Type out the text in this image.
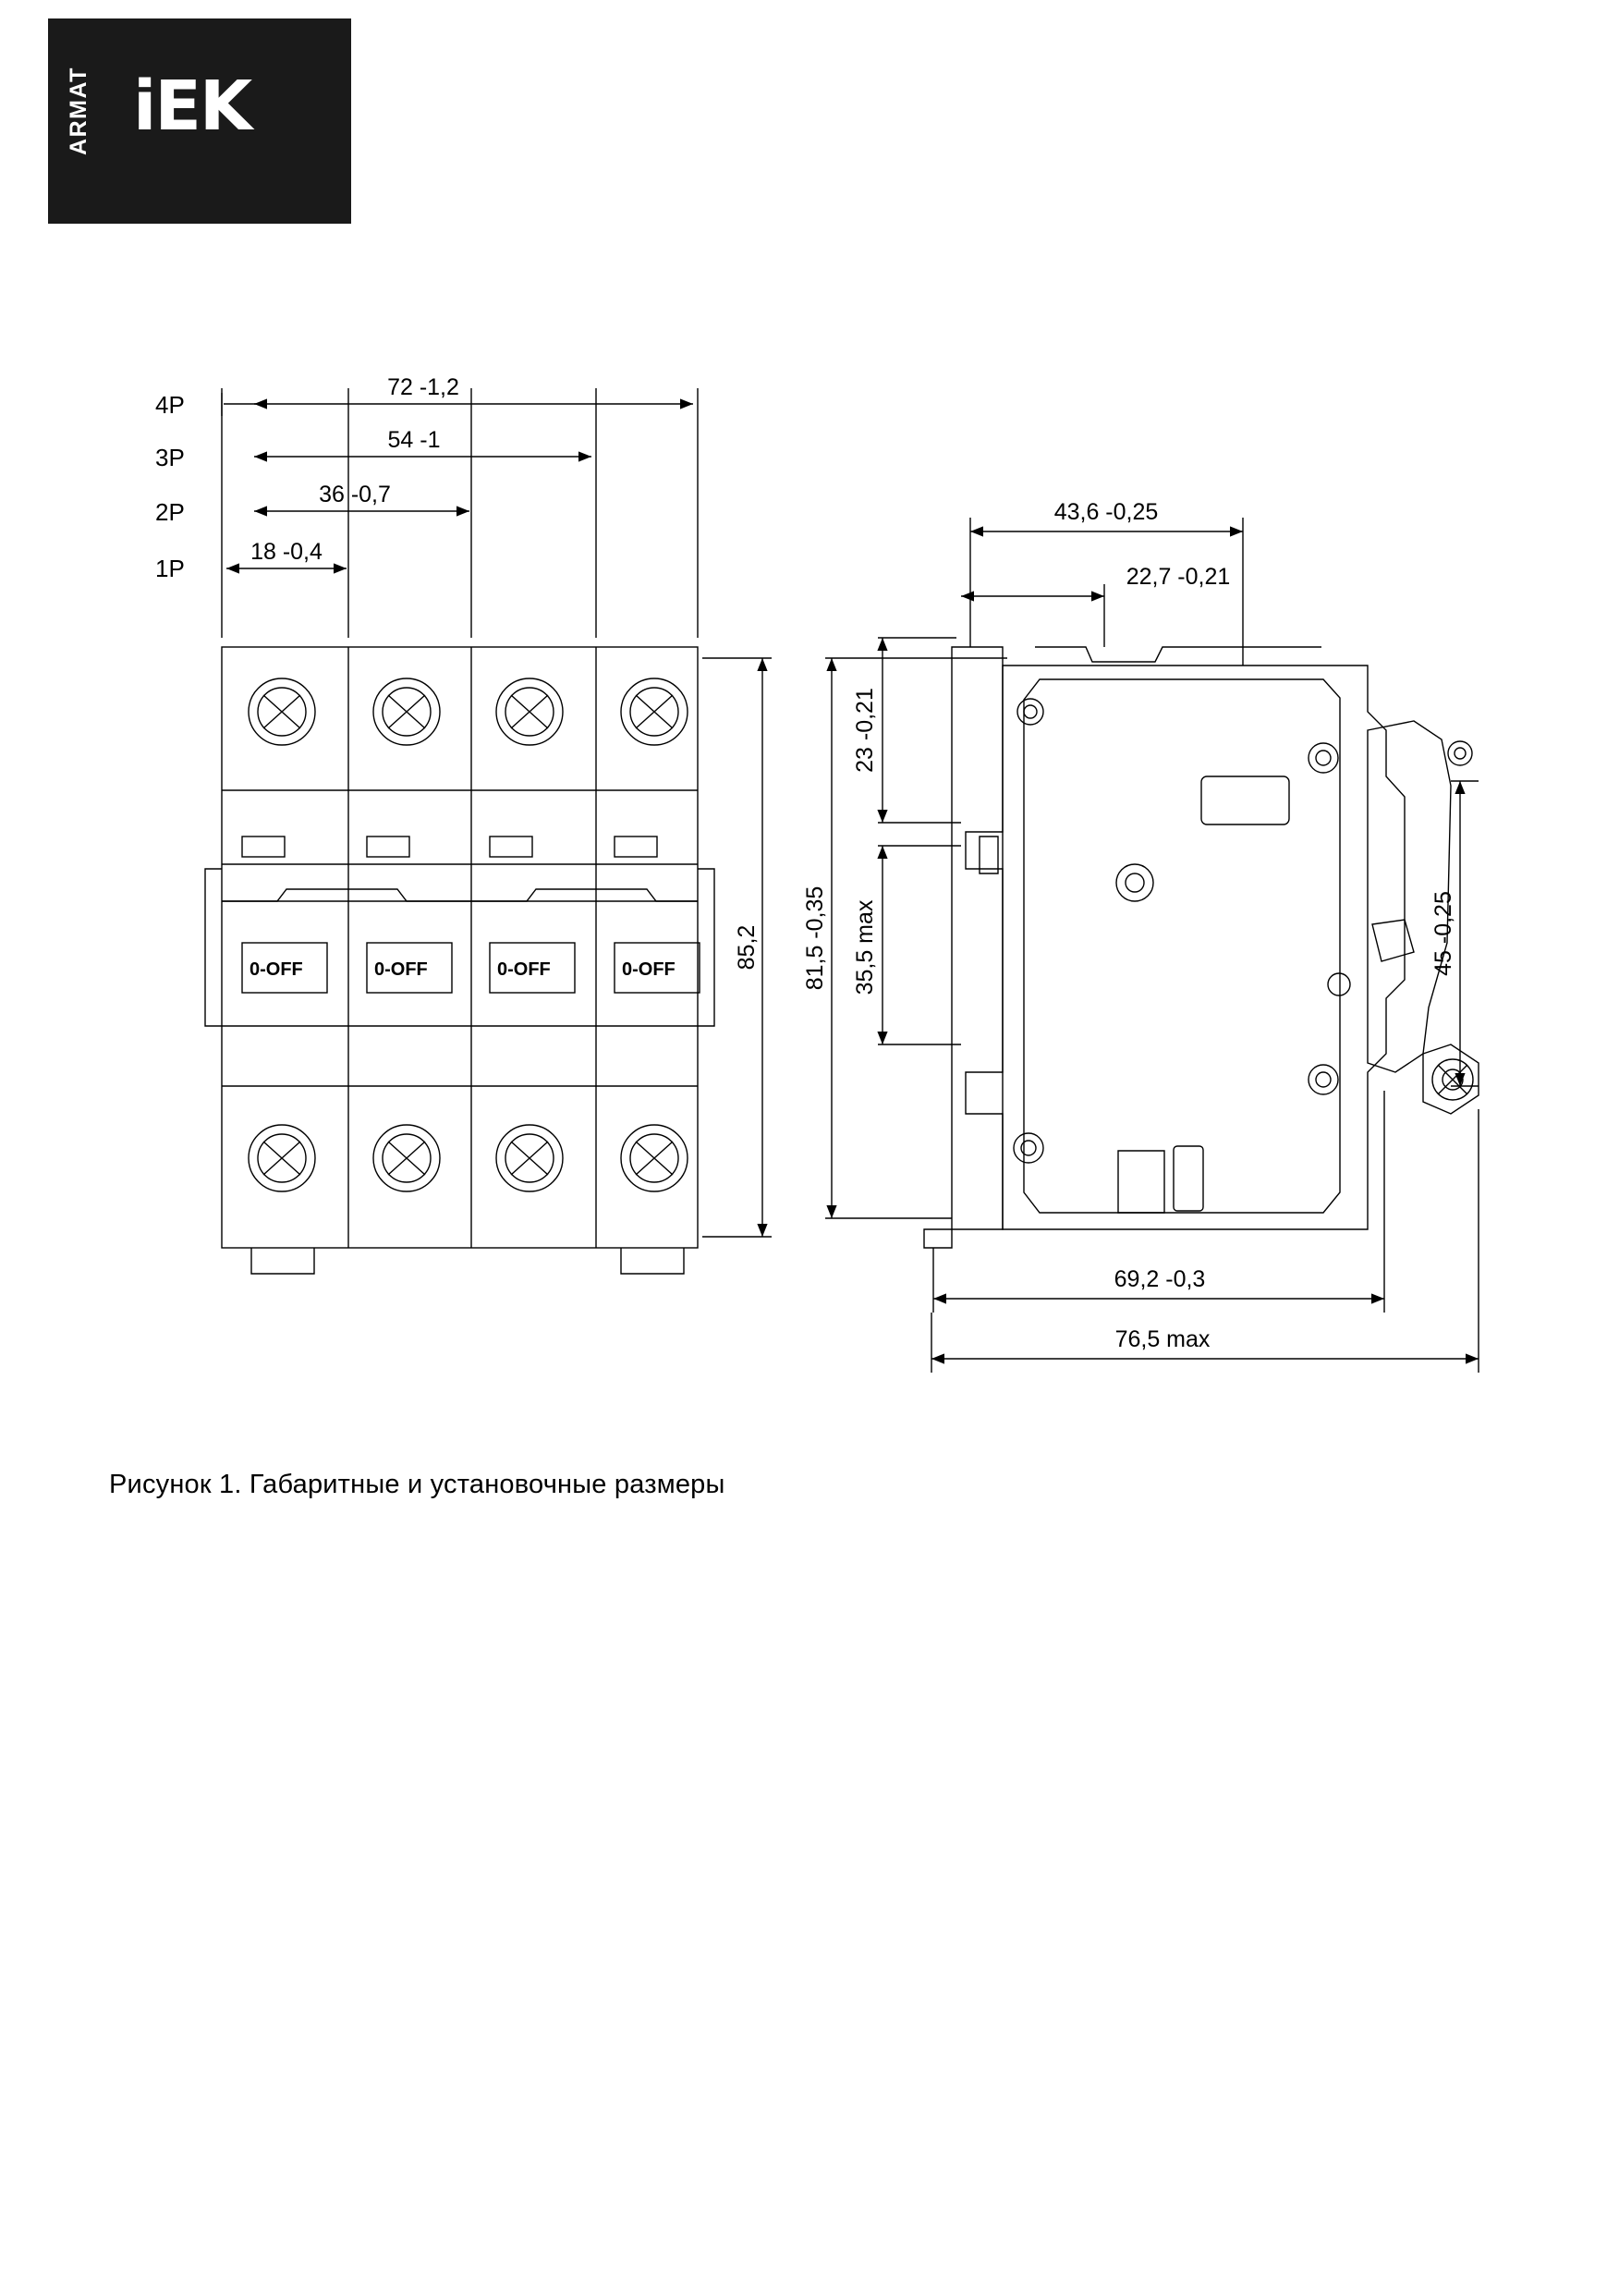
ARMAT iEK
4P
3P
2P
1P
72 -1,2
54 -1
36 -0,7
18 -0,4
0-OFF	0-OFF	0-OFF	0-OFF	85,2
43,6 -0,25
22,7 -0,21
23 -0,21
35,5 max
81,5 -0,35	45 -0,25
69,2 -0,3
76,5 max
Рисунок 1. Габаритные и установочные размеры
